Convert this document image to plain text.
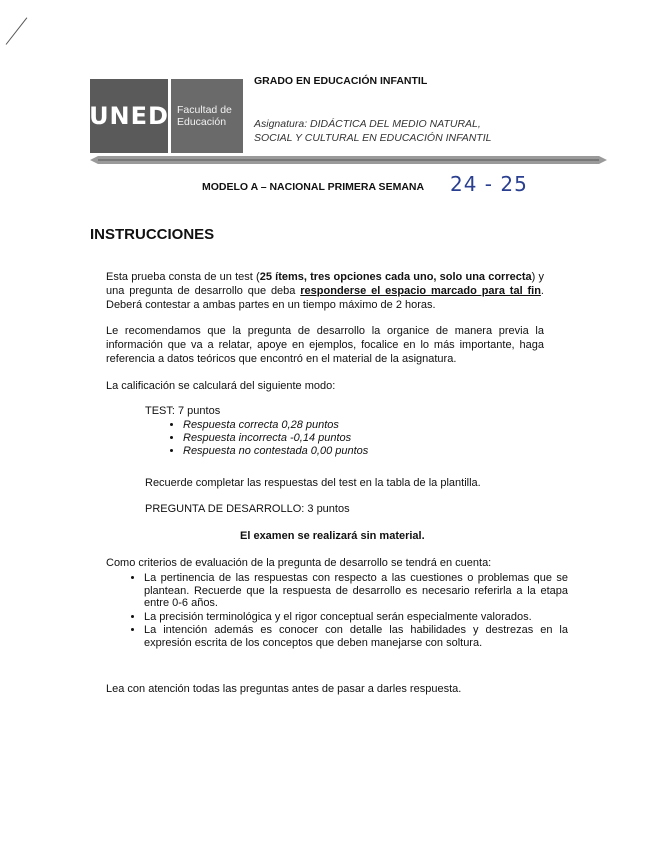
UNED Facultad de Educación
GRADO EN EDUCACIÓN INFANTIL
Asignatura: DIDÁCTICA DEL MEDIO NATURAL,
SOCIAL Y CULTURAL EN EDUCACIÓN INFANTIL
MODELO A – NACIONAL PRIMERA SEMANA 24 - 25
INSTRUCCIONES
Esta prueba consta de un test (25 ítems, tres opciones cada uno, solo una correcta) y una pregunta de desarrollo que deba responderse el espacio marcado para tal fin. Deberá contestar a ambas partes en un tiempo máximo de 2 horas.
Le recomendamos que la pregunta de desarrollo la organice de manera previa la información que va a relatar, apoye en ejemplos, focalice en lo más importante, haga referencia a datos teóricos que encontró en el material de la asignatura.
La calificación se calculará del siguiente modo:
TEST: 7 puntos
• Respuesta correcta 0,28 puntos
• Respuesta incorrecta -0,14 puntos
• Respuesta no contestada 0,00 puntos
Recuerde completar las respuestas del test en la tabla de la plantilla.
PREGUNTA DE DESARROLLO: 3 puntos
El examen se realizará sin material.
Como criterios de evaluación de la pregunta de desarrollo se tendrá en cuenta:
• La pertinencia de las respuestas con respecto a las cuestiones o problemas que se plantean. Recuerde que la respuesta de desarrollo es necesario referirla a la etapa entre 0-6 años.
• La precisión terminológica y el rigor conceptual serán especialmente valorados.
• La intención además es conocer con detalle las habilidades y destrezas en la expresión escrita de los conceptos que deben manejarse con soltura.
Lea con atención todas las preguntas antes de pasar a darles respuesta.
